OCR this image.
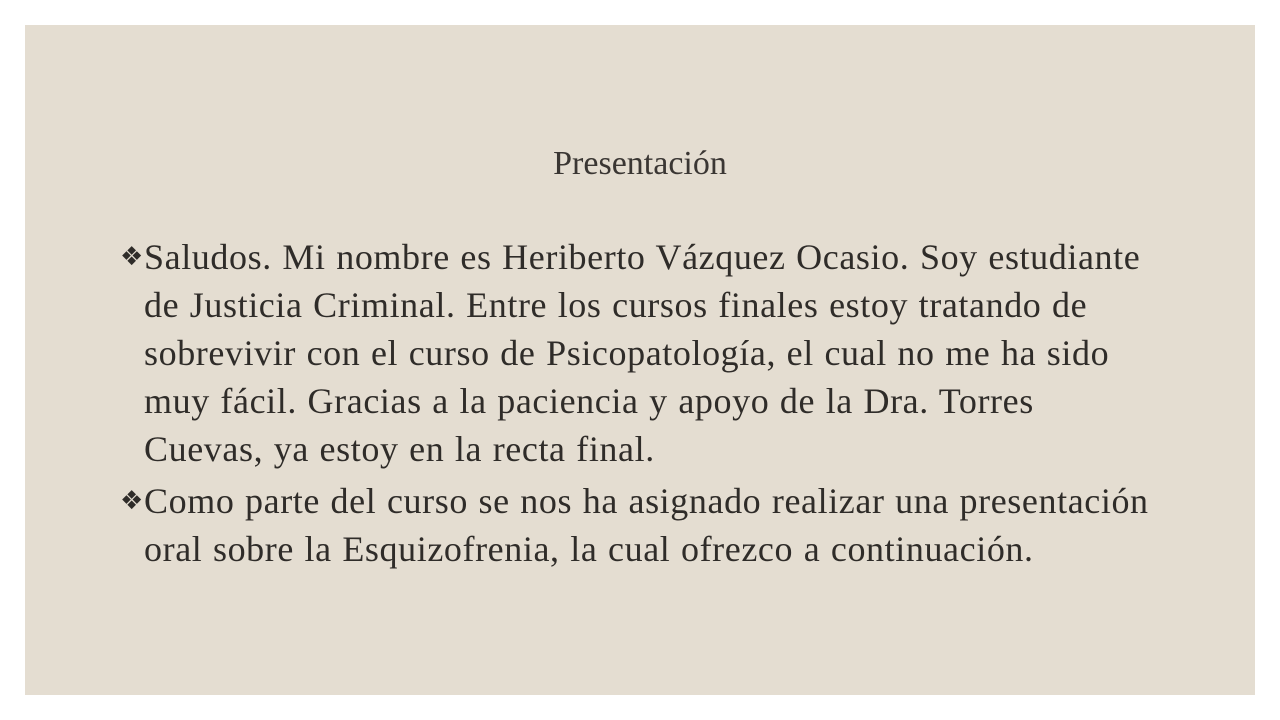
Presentación
❖ Saludos. Mi nombre es Heriberto Vázquez Ocasio. Soy estudiante de Justicia Criminal. Entre los cursos finales estoy tratando de sobrevivir con el curso de Psicopatología, el cual no me ha sido muy fácil. Gracias a la paciencia y apoyo de la Dra. Torres Cuevas, ya estoy en la recta final.
❖ Como parte del curso se nos ha asignado realizar una presentación oral sobre la Esquizofrenia, la cual ofrezco a continuación.
